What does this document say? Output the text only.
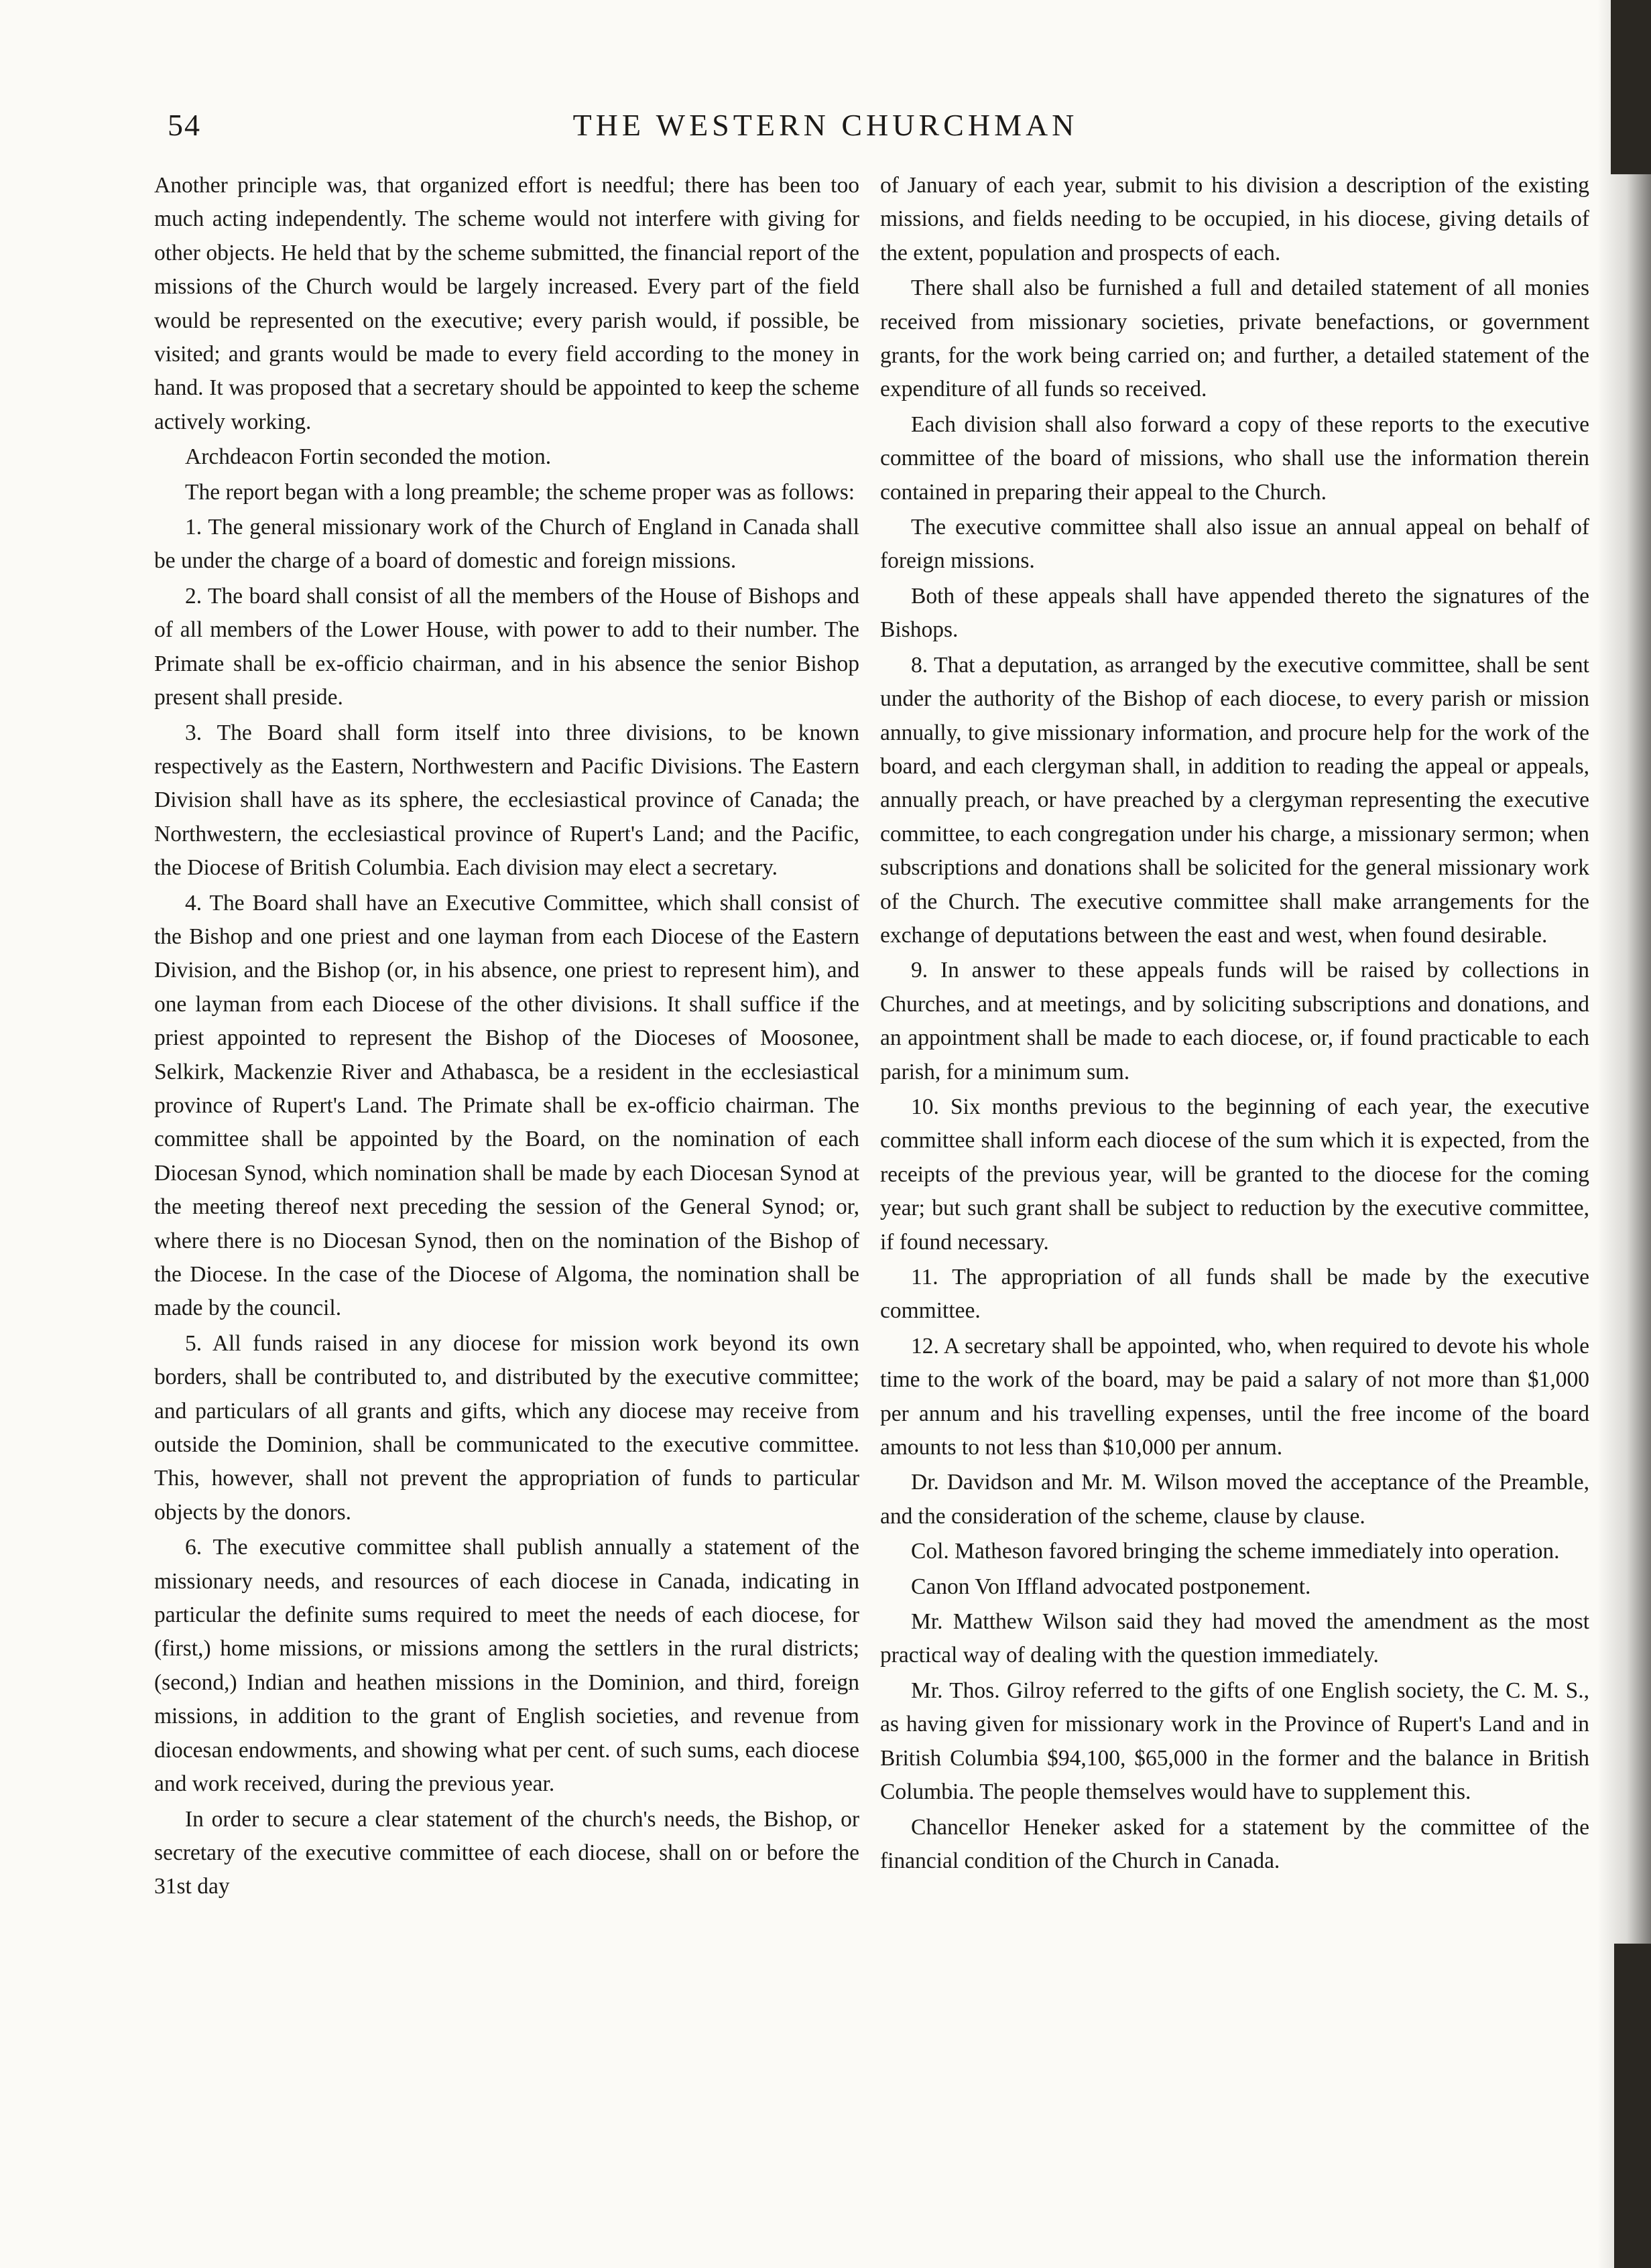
54	THE WESTERN CHURCHMAN

Another principle was, that organized effort is needful; there has been too much acting independently. The scheme would not interfere with giving for other objects. He held that by the scheme submitted, the financial report of the missions of the Church would be largely increased. Every part of the field would be represented on the executive; every parish would, if possible, be visited; and grants would be made to every field according to the money in hand. It was proposed that a secretary should be appointed to keep the scheme actively working.

Archdeacon Fortin seconded the motion.

The report began with a long preamble; the scheme proper was as follows:

1. The general missionary work of the Church of England in Canada shall be under the charge of a board of domestic and foreign missions.

2. The board shall consist of all the members of the House of Bishops and of all members of the Lower House, with power to add to their number. The Primate shall be ex-officio chairman, and in his absence the senior Bishop present shall preside.

3. The Board shall form itself into three divisions, to be known respectively as the Eastern, Northwestern and Pacific Divisions. The Eastern Division shall have as its sphere, the ecclesiastical province of Canada; the Northwestern, the ecclesiastical province of Rupert's Land; and the Pacific, the Diocese of British Columbia. Each division may elect a secretary.

4. The Board shall have an Executive Committee, which shall consist of the Bishop and one priest and one layman from each Diocese of the Eastern Division, and the Bishop (or, in his absence, one priest to represent him), and one layman from each Diocese of the other divisions. It shall suffice if the priest appointed to represent the Bishop of the Dioceses of Moosonee, Selkirk, Mackenzie River and Athabasca, be a resident in the ecclesiastical province of Rupert's Land. The Primate shall be ex-officio chairman. The committee shall be appointed by the Board, on the nomination of each Diocesan Synod, which nomination shall be made by each Diocesan Synod at the meeting thereof next preceding the session of the General Synod; or, where there is no Diocesan Synod, then on the nomination of the Bishop of the Diocese. In the case of the Diocese of Algoma, the nomination shall be made by the council.

5. All funds raised in any diocese for mission work beyond its own borders, shall be contributed to, and distributed by the executive committee; and particulars of all grants and gifts, which any diocese may receive from outside the Dominion, shall be communicated to the executive committee. This, however, shall not prevent the appropriation of funds to particular objects by the donors.

6. The executive committee shall publish annually a statement of the missionary needs, and resources of each diocese in Canada, indicating in particular the definite sums required to meet the needs of each diocese, for (first,) home missions, or missions among the settlers in the rural districts; (second,) Indian and heathen missions in the Dominion, and third, foreign missions, in addition to the grant of English societies, and revenue from diocesan endowments, and showing what per cent. of such sums, each diocese and work received, during the previous year.

In order to secure a clear statement of the church's needs, the Bishop, or secretary of the executive committee of each diocese, shall on or before the 31st day

of January of each year, submit to his division a description of the existing missions, and fields needing to be occupied, in his diocese, giving details of the extent, population and prospects of each.

There shall also be furnished a full and detailed statement of all monies received from missionary societies, private benefactions, or government grants, for the work being carried on; and further, a detailed statement of the expenditure of all funds so received.

Each division shall also forward a copy of these reports to the executive committee of the board of missions, who shall use the information therein contained in preparing their appeal to the Church.

The executive committee shall also issue an annual appeal on behalf of foreign missions.

Both of these appeals shall have appended thereto the signatures of the Bishops.

8. That a deputation, as arranged by the executive committee, shall be sent under the authority of the Bishop of each diocese, to every parish or mission annually, to give missionary information, and procure help for the work of the board, and each clergyman shall, in addition to reading the appeal or appeals, annually preach, or have preached by a clergyman representing the executive committee, to each congregation under his charge, a missionary sermon; when subscriptions and donations shall be solicited for the general missionary work of the Church. The executive committee shall make arrangements for the exchange of deputations between the east and west, when found desirable.

9. In answer to these appeals funds will be raised by collections in Churches, and at meetings, and by soliciting subscriptions and donations, and an appointment shall be made to each diocese, or, if found practicable to each parish, for a minimum sum.

10. Six months previous to the beginning of each year, the executive committee shall inform each diocese of the sum which it is expected, from the receipts of the previous year, will be granted to the diocese for the coming year; but such grant shall be subject to reduction by the executive committee, if found necessary.

11. The appropriation of all funds shall be made by the executive committee.

12. A secretary shall be appointed, who, when required to devote his whole time to the work of the board, may be paid a salary of not more than $1,000 per annum and his travelling expenses, until the free income of the board amounts to not less than $10,000 per annum.

Dr. Davidson and Mr. M. Wilson moved the acceptance of the Preamble, and the consideration of the scheme, clause by clause.

Col. Matheson favored bringing the scheme immediately into operation.

Canon Von Iffland advocated postponement.

Mr. Matthew Wilson said they had moved the amendment as the most practical way of dealing with the question immediately.

Mr. Thos. Gilroy referred to the gifts of one English society, the C. M. S., as having given for missionary work in the Province of Rupert's Land and in British Columbia $94,100, $65,000 in the former and the balance in British Columbia. The people themselves would have to supplement this.

Chancellor Heneker asked for a statement by the committee of the financial condition of the Church in Canada.
